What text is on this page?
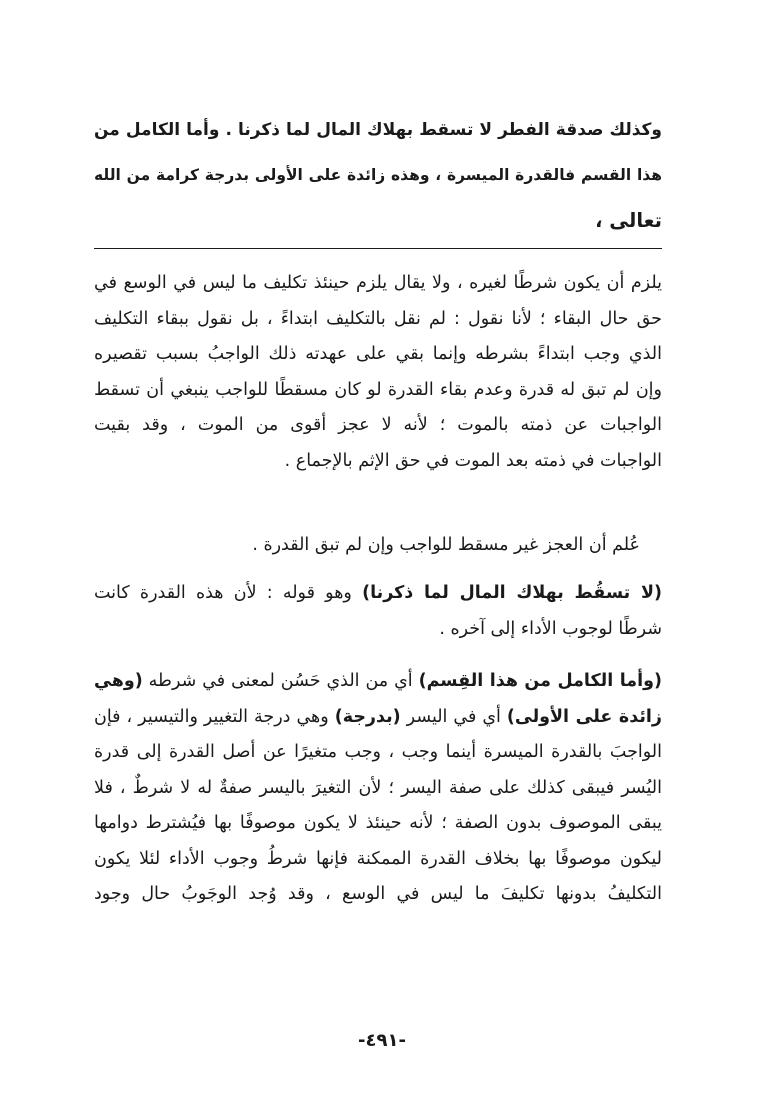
وكذلك صدقة الفطر لا تسقط بهلاك المال لما ذكرنا . وأما الكامل من
هذا القسم فالقدرة الميسرة ، وهذه زائدة على الأولى بدرجة كرامة من الله
تعالى ،
يلزم أن يكون شرطًا لغيره ، ولا يقال يلزم حينئذ تكليف ما ليس في الوسع في
حق حال البقاء ؛ لأنا نقول : لم نقل بالتكليف ابتداءً ، بل نقول ببقاء التكليف
الذي وجب ابتداءً بشرطه وإنما بقي على عهدته ذلك الواجبُ بسبب تقصيره
وإن لم تبق له قدرة وعدم بقاء القدرة لو كان مسقطًا للواجب ينبغي أن تسقط
الواجبات عن ذمته بالموت ؛ لأنه لا عجز أقوى من الموت ، وقد بقيت
الواجبات في ذمته بعد الموت في حق الإثم بالإجماع .
عُلم أن العجز غير مسقط للواجب وإن لم تبق القدرة .
(لا تسقُط بهلاك المال لما ذكرنا) وهو قوله : لأن هذه القدرة كانت
شرطًا لوجوب الأداء إلى آخره .
(وأما الكامل من هذا القِسم) أي من الذي حَسُن لمعنى في شرطه (وهي
زائدة على الأولى) أي في اليسر (بدرجة) وهي درجة التغيير والتيسير ، فإن
الواجبَ بالقدرة الميسرة أينما وجب ، وجب متغيرًا عن أصل القدرة إلى قدرة
اليُسر فيبقى كذلك على صفة اليسر ؛ لأن التغيرَ باليسر صفةٌ له لا شرطٌ ، فلا
يبقى الموصوف بدون الصفة ؛ لأنه حينئذ لا يكون موصوفًا بها فيُشترط دوامها
ليكون موصوفًا بها بخلاف القدرة الممكنة فإنها شرطُ وجوب الأداء لئلا يكون
التكليفُ بدونها تكليفَ ما ليس في الوسع ، وقد وُجد الوجَوبُ حال وجود
-٤٩١-
